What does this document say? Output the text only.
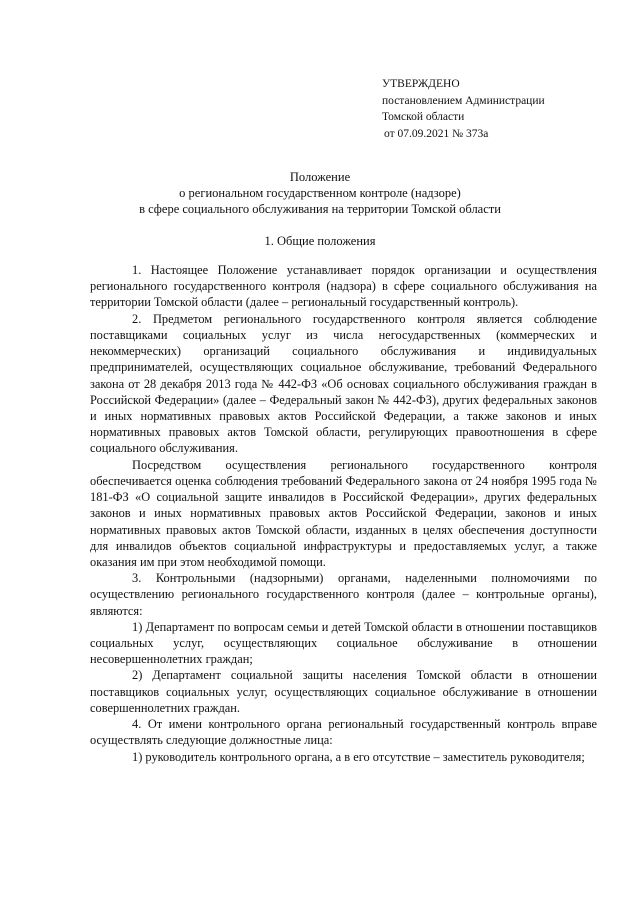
УТВЕРЖДЕНО
постановлением Администрации
Томской области
от 07.09.2021 № 373а
Положение
о региональном государственном контроле (надзоре)
в сфере социального обслуживания на территории Томской области
1. Общие положения

1. Настоящее Положение устанавливает порядок организации и осуществления регионального государственного контроля (надзора) в сфере социального обслуживания на территории Томской области (далее – региональный государственный контроль).

2. Предметом регионального государственного контроля является соблюдение поставщиками социальных услуг из числа негосударственных (коммерческих и некоммерческих) организаций социального обслуживания и индивидуальных предпринимателей, осуществляющих социальное обслуживание, требований Федерального закона от 28 декабря 2013 года № 442-ФЗ «Об основах социального обслуживания граждан в Российской Федерации» (далее – Федеральный закон № 442-ФЗ), других федеральных законов и иных нормативных правовых актов Российской Федерации, а также законов и иных нормативных правовых актов Томской области, регулирующих правоотношения в сфере социального обслуживания.

Посредством осуществления регионального государственного контроля обеспечивается оценка соблюдения требований Федерального закона от 24 ноября 1995 года № 181-ФЗ «О социальной защите инвалидов в Российской Федерации», других федеральных законов и иных нормативных правовых актов Российской Федерации, законов и иных нормативных правовых актов Томской области, изданных в целях обеспечения доступности для инвалидов объектов социальной инфраструктуры и предоставляемых услуг, а также оказания им при этом необходимой помощи.

3. Контрольными (надзорными) органами, наделенными полномочиями по осуществлению регионального государственного контроля (далее – контрольные органы), являются:

1) Департамент по вопросам семьи и детей Томской области в отношении поставщиков социальных услуг, осуществляющих социальное обслуживание в отношении несовершеннолетних граждан;

2) Департамент социальной защиты населения Томской области в отношении поставщиков социальных услуг, осуществляющих социальное обслуживание в отношении совершеннолетних граждан.

4. От имени контрольного органа региональный государственный контроль вправе осуществлять следующие должностные лица:

1) руководитель контрольного органа, а в его отсутствие – заместитель руководителя;
